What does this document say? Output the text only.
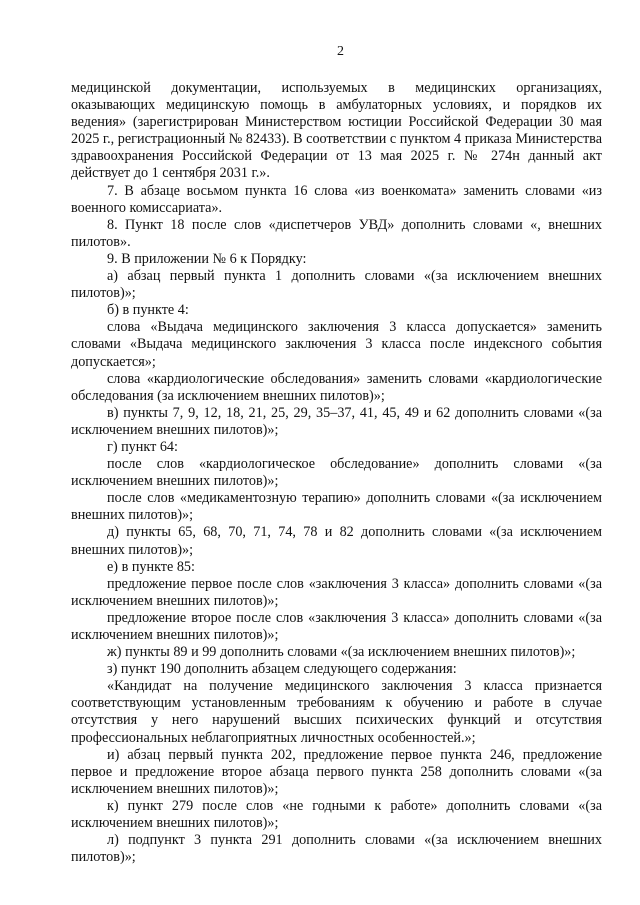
2

медицинской документации, используемых в медицинских организациях, оказывающих медицинскую помощь в амбулаторных условиях, и порядков их ведения» (зарегистрирован Министерством юстиции Российской Федерации 30 мая 2025 г., регистрационный № 82433). В соответствии с пунктом 4 приказа Министерства здравоохранения Российской Федерации от 13 мая 2025 г. № 274н данный акт действует до 1 сентября 2031 г.».

7. В абзаце восьмом пункта 16 слова «из военкомата» заменить словами «из военного комиссариата».

8. Пункт 18 после слов «диспетчеров УВД» дополнить словами «, внешних пилотов».

9. В приложении № 6 к Порядку:

а) абзац первый пункта 1 дополнить словами «(за исключением внешних пилотов)»;

б) в пункте 4:

слова «Выдача медицинского заключения 3 класса допускается» заменить словами «Выдача медицинского заключения 3 класса после индексного события допускается»;

слова «кардиологические обследования» заменить словами «кардиологические обследования (за исключением внешних пилотов)»;

в) пункты 7, 9, 12, 18, 21, 25, 29, 35–37, 41, 45, 49 и 62 дополнить словами «(за исключением внешних пилотов)»;

г) пункт 64:

после слов «кардиологическое обследование» дополнить словами «(за исключением внешних пилотов)»;

после слов «медикаментозную терапию» дополнить словами «(за исключением внешних пилотов)»;

д) пункты 65, 68, 70, 71, 74, 78 и 82 дополнить словами «(за исключением внешних пилотов)»;

е) в пункте 85:

предложение первое после слов «заключения 3 класса» дополнить словами «(за исключением внешних пилотов)»;

предложение второе после слов «заключения 3 класса» дополнить словами «(за исключением внешних пилотов)»;

ж) пункты 89 и 99 дополнить словами «(за исключением внешних пилотов)»;

з) пункт 190 дополнить абзацем следующего содержания:

«Кандидат на получение медицинского заключения 3 класса признается соответствующим установленным требованиям к обучению и работе в случае отсутствия у него нарушений высших психических функций и отсутствия профессиональных неблагоприятных личностных особенностей.»;

и) абзац первый пункта 202, предложение первое пункта 246, предложение первое и предложение второе абзаца первого пункта 258 дополнить словами «(за исключением внешних пилотов)»;

к) пункт 279 после слов «не годными к работе» дополнить словами «(за исключением внешних пилотов)»;

л) подпункт 3 пункта 291 дополнить словами «(за исключением внешних пилотов)»;
